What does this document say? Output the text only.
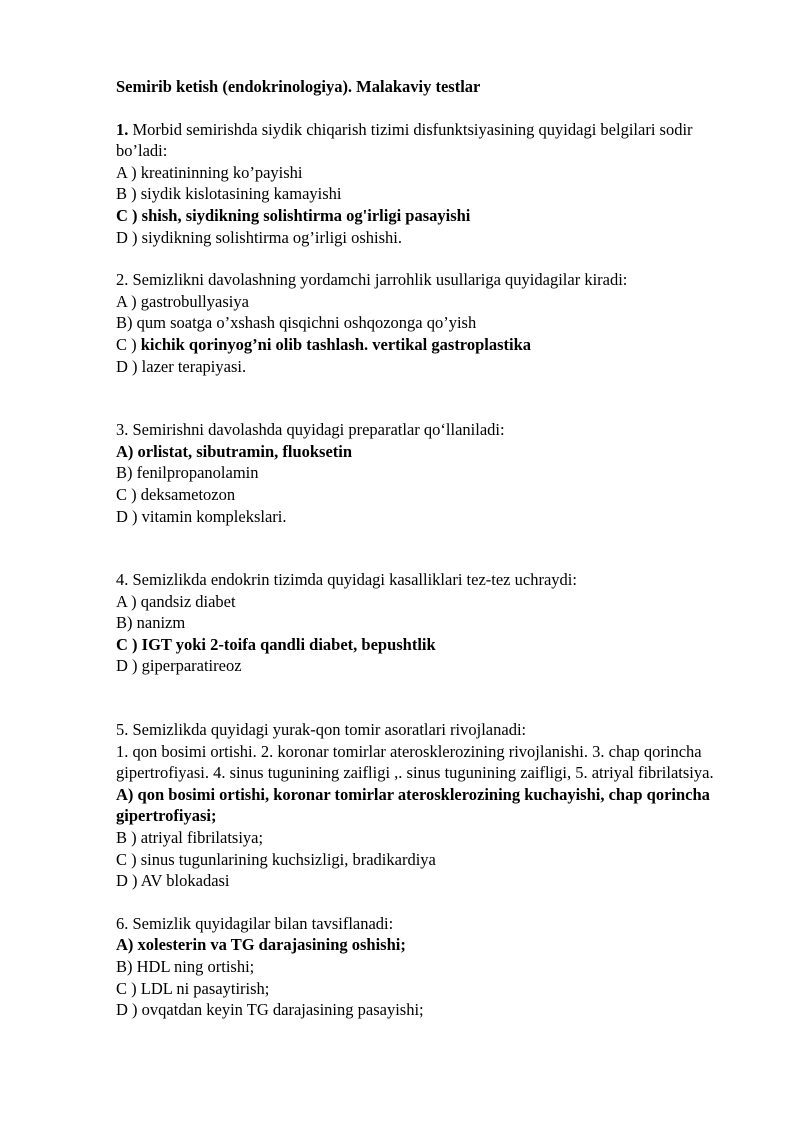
Semirib ketish (endokrinologiya). Malakaviy testlar

1. Morbid semirishda siydik chiqarish tizimi disfunktsiyasining quyidagi belgilari sodir bo’ladi:

A ) kreatininning ko’payishi

B ) siydik kislotasining kamayishi

C ) shish, siydikning solishtirma og'irligi pasayishi

D ) siydikning solishtirma og’irligi oshishi.

2. Semizlikni davolashning yordamchi jarrohlik usullariga quyidagilar kiradi:

A ) gastrobullyasiya

B) qum soatga o’xshash qisqichni oshqozonga qo’yish

C ) kichik qorinyog’ni olib tashlash. vertikal gastroplastika

D ) lazer terapiyasi.

3. Semirishni davolashda quyidagi preparatlar qo‘llaniladi:

A) orlistat, sibutramin, fluoksetin

B) fenilpropanolamin

C ) deksametozon

D ) vitamin komplekslari.

4. Semizlikda endokrin tizimda quyidagi kasalliklari tez-tez uchraydi:

A ) qandsiz diabet

B) nanizm

C ) IGT yoki 2-toifa qandli diabet, bepushtlik

D ) giperparatireoz

5. Semizlikda quyidagi yurak-qon tomir asoratlari rivojlanadi:

1. qon bosimi ortishi. 2. koronar tomirlar aterosklerozining rivojlanishi. 3. chap qorincha gipertrofiyasi. 4. sinus tugunining zaifligi ,. sinus tugunining zaifligi, 5. atriyal fibrilatsiya.

A) qon bosimi ortishi, koronar tomirlar aterosklerozining kuchayishi, chap qorincha gipertrofiyasi;

B ) atriyal fibrilatsiya;

C ) sinus tugunlarining kuchsizligi, bradikardiya

D ) AV blokadasi

6. Semizlik quyidagilar bilan tavsiflanadi:

A) xolesterin va TG darajasining oshishi;

B) HDL ning ortishi;

C ) LDL ni pasaytirish;

D ) ovqatdan keyin TG darajasining pasayishi;
